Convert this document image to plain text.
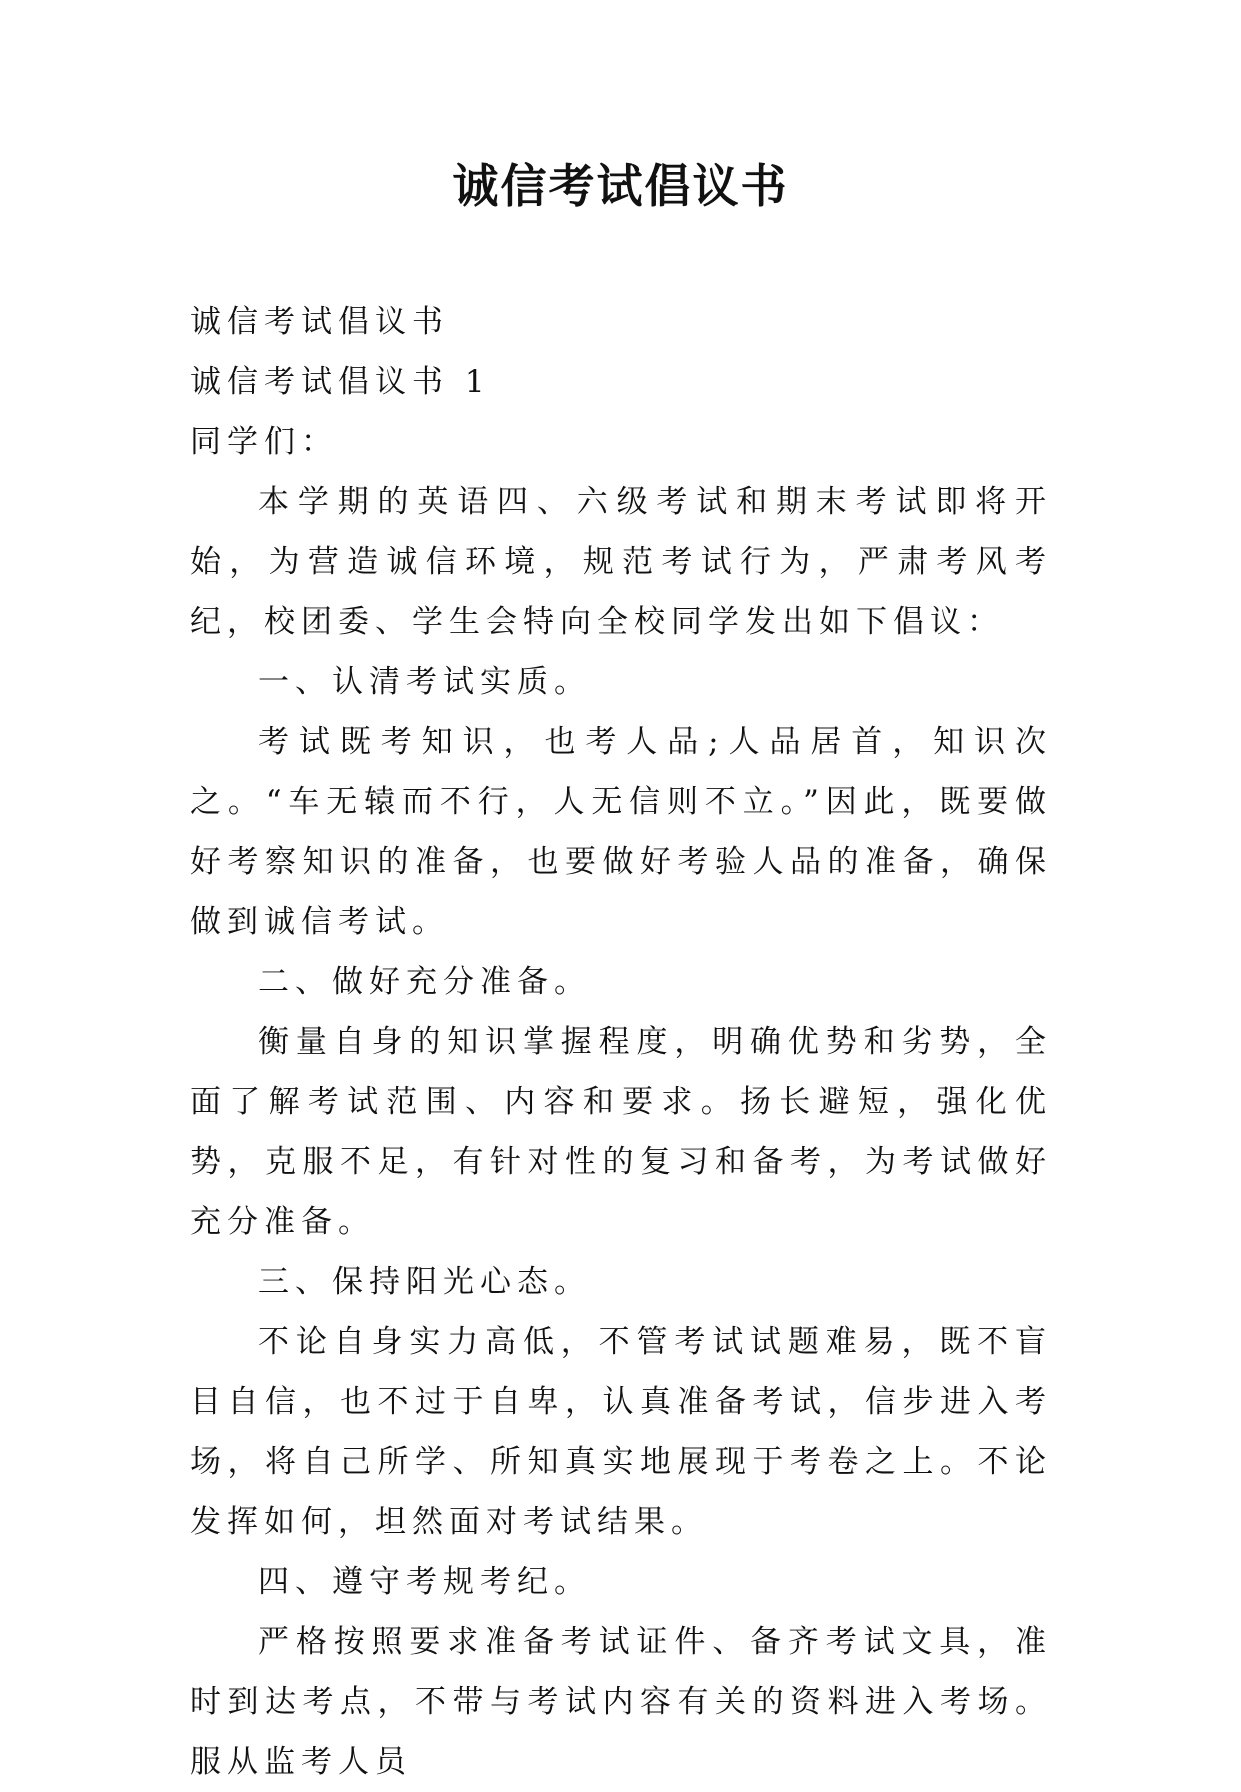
诚信考试倡议书

诚信考试倡议书

诚信考试倡议书 1

同学们：

本学期的英语四、六级考试和期末考试即将开始，为营造诚信环境，规范考试行为，严肃考风考纪，校团委、学生会特向全校同学发出如下倡议：

一、认清考试实质。

考试既考知识，也考人品;人品居首，知识次之。“车无辕而不行，人无信则不立。”因此，既要做好考察知识的准备，也要做好考验人品的准备，确保做到诚信考试。

二、做好充分准备。

衡量自身的知识掌握程度，明确优势和劣势，全面了解考试范围、内容和要求。扬长避短，强化优势，克服不足，有针对性的复习和备考，为考试做好充分准备。

三、保持阳光心态。

不论自身实力高低，不管考试试题难易，既不盲目自信，也不过于自卑，认真准备考试，信步进入考场，将自己所学、所知真实地展现于考卷之上。不论发挥如何，坦然面对考试结果。

四、遵守考规考纪。

严格按照要求准备考试证件、备齐考试文具，准时到达考点，不带与考试内容有关的资料进入考场。服从监考人员
